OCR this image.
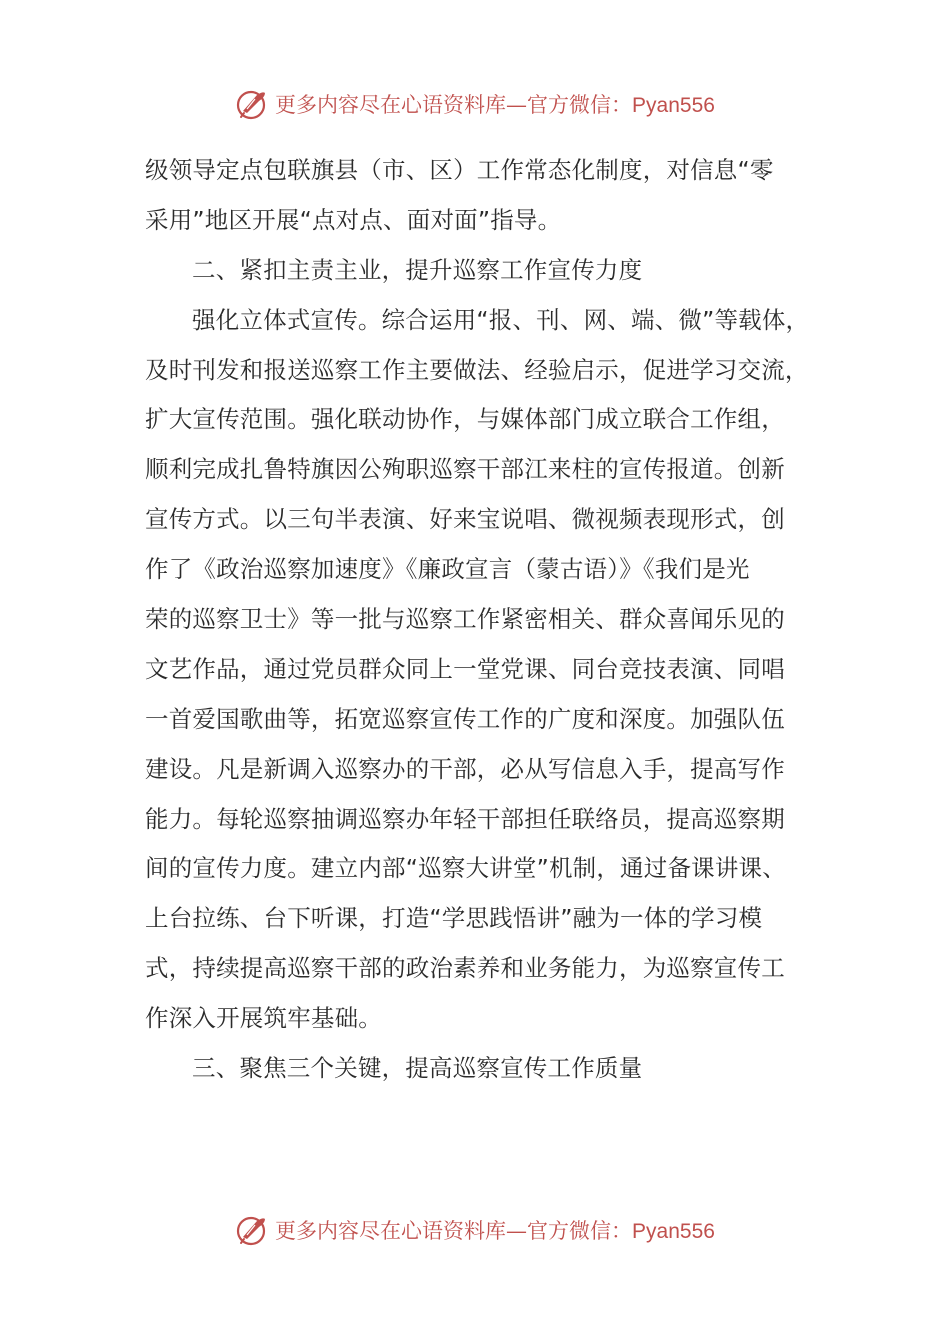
更多内容尽在心语资料库—官方微信：Pyan556
级领导定点包联旗县（市、区）工作常态化制度，对信息“零
采用”地区开展“点对点、面对面”指导。
二、紧扣主责主业，提升巡察工作宣传力度
强化立体式宣传。综合运用“报、刊、网、端、微”等载体，
及时刊发和报送巡察工作主要做法、经验启示，促进学习交流，
扩大宣传范围。强化联动协作，与媒体部门成立联合工作组，
顺利完成扎鲁特旗因公殉职巡察干部江来柱的宣传报道。创新
宣传方式。以三句半表演、好来宝说唱、微视频表现形式，创
作了《政治巡察加速度》《廉政宣言（蒙古语）》《我们是光
荣的巡察卫士》等一批与巡察工作紧密相关、群众喜闻乐见的
文艺作品，通过党员群众同上一堂党课、同台竞技表演、同唱
一首爱国歌曲等，拓宽巡察宣传工作的广度和深度。加强队伍
建设。凡是新调入巡察办的干部，必从写信息入手，提高写作
能力。每轮巡察抽调巡察办年轻干部担任联络员，提高巡察期
间的宣传力度。建立内部“巡察大讲堂”机制，通过备课讲课、
上台拉练、台下听课，打造“学思践悟讲”融为一体的学习模
式，持续提高巡察干部的政治素养和业务能力，为巡察宣传工
作深入开展筑牢基础。
三、聚焦三个关键，提高巡察宣传工作质量
更多内容尽在心语资料库—官方微信：Pyan556
